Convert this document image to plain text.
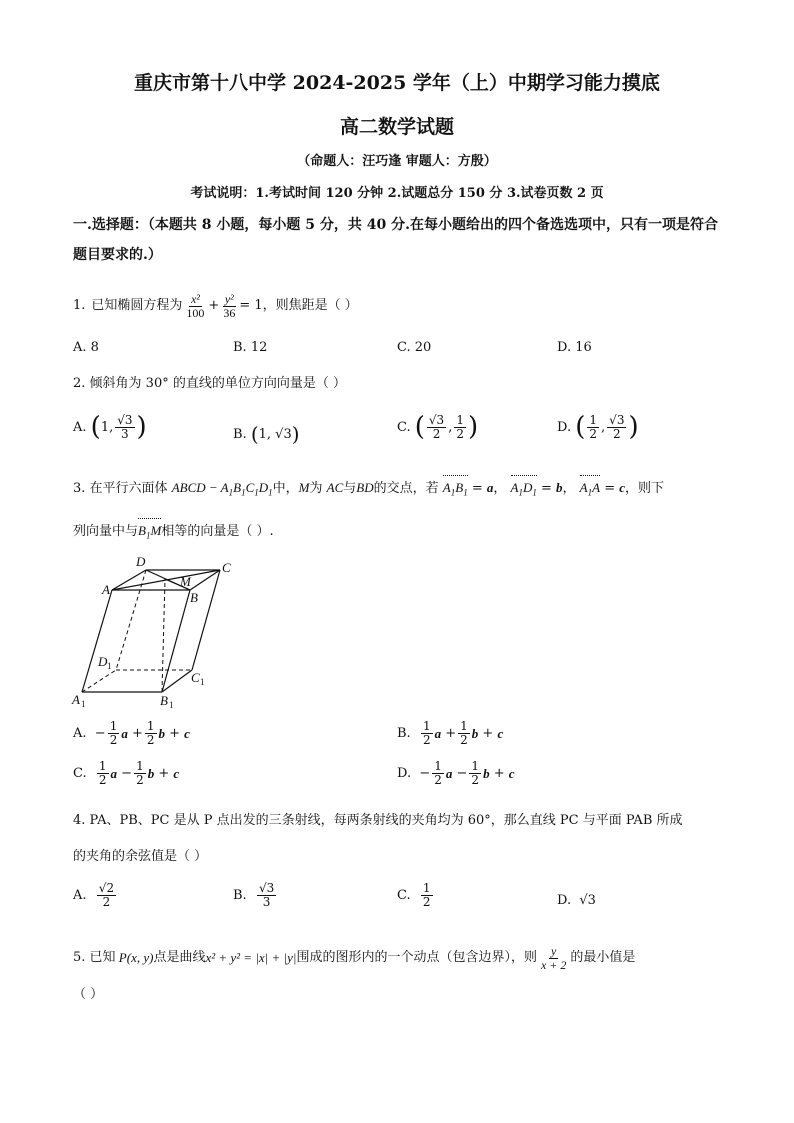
重庆市第十八中学 2024-2025 学年（上）中期学习能力摸底
高二数学试题
（命题人：汪巧逢 审题人：方殷）
考试说明：1.考试时间 120 分钟 2.试题总分 150 分 3.试卷页数 2 页
一.选择题：（本题共 8 小题，每小题 5 分，共 40 分.在每小题给出的四个备选选项中，只有一项是符合题目要求的.）
1. 已知椭圆方程为 $\frac{\text{x²}}{100} + \frac{\text{y²}}{36} = 1$ ，则焦距是（ ）
A. 8	B. 12	C. 20	D. 16
2. 倾斜角为 30° 的直线的单位方向向量是（ ）
A. ( 1, $\frac{√3}{3}$ )	B. ( 1, √3 )	C. ( $\frac{√3}{2}$ , $\frac{1}{2}$ )	D. ( $\frac{1}{2}$ , $\frac{√3}{2}$ )
3. 在平行六面体 ABCD − $A_1B_1C_1D_1$中，M为 AC与BD的交点，若 $A_1B_1 = a$， $A_1D_1 = b$， $A_1A = c$，则下
列向量中与$B_1M$相等的向量是（ ）.
D	C
A
B
M
D 1
C 1
A 1	B 1
A.  − $\frac{1}{2}$ $a + \frac{1}{2}$ b + c	B. $\frac{1}{2}$ $a + \frac{1}{2}$ b + c
C. $\frac{1}{2}$ $a - \frac{1}{2}$ b + c	D.  − $\frac{1}{2}$ $a - \frac{1}{2}$ b + c
4. PA、PB、PC 是从 P 点出发的三条射线，每两条射线的夹角均为 60°，那么直线 PC 与平面 PAB 所成
的夹角的余弦值是（ ）
A. $\frac{√2}{2}$	B. $\frac{√3}{3}$	C. $\frac{1}{2}$	D.  √3
5. 已知 P(x, y) 点是曲线 x² + y² = |x| + |y| 围成的图形内的一个动点（包含边界），则 $\frac{y}{x + 2}$ 的最小值是
（ ）
